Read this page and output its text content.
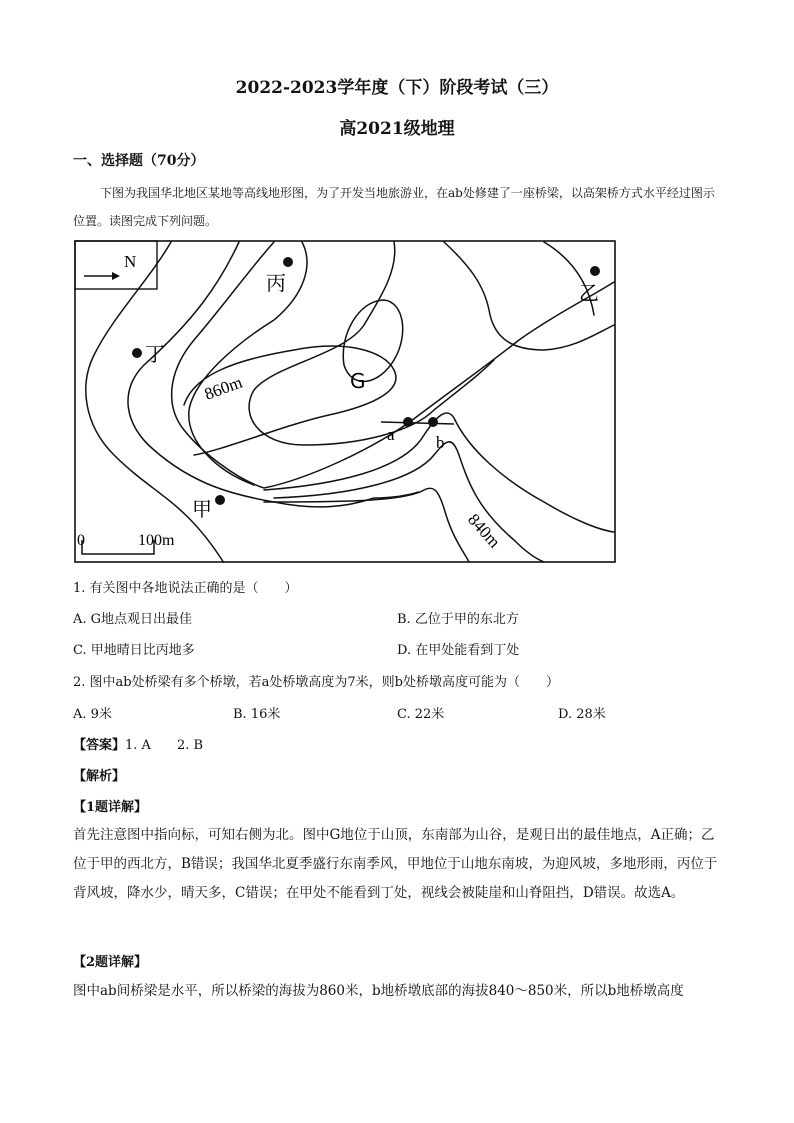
2022-2023学年度（下）阶段考试（三）
高2021级地理
一、选择题（70分）
下图为我国华北地区某地等高线地形图，为了开发当地旅游业，在ab处修建了一座桥梁，以高架桥方式水平经过图示位置。读图完成下列问题。
N
丙	乙
丁
G
a b
甲
860m
840m
0	100m
1. 有关图中各地说法正确的是（　　）
A. G地点观日出最佳	B. 乙位于甲的东北方
C. 甲地晴日比丙地多	D. 在甲处能看到丁处
2. 图中ab处桥梁有多个桥墩，若a处桥墩高度为7米，则b处桥墩高度可能为（　　）
A. 9米	B. 16米	C. 22米	D. 28米
【答案】1. A　　2. B
【解析】
【1题详解】
首先注意图中指向标，可知右侧为北。图中G地位于山顶，东南部为山谷，是观日出的最佳地点，A正确；乙位于甲的西北方，B错误；我国华北夏季盛行东南季风，甲地位于山地东南坡，为迎风坡，多地形雨，丙位于背风坡，降水少，晴天多，C错误；在甲处不能看到丁处，视线会被陡崖和山脊阻挡，D错误。故选A。
【2题详解】
图中ab间桥梁是水平，所以桥梁的海拔为860米，b地桥墩底部的海拔840～850米，所以b地桥墩高度
